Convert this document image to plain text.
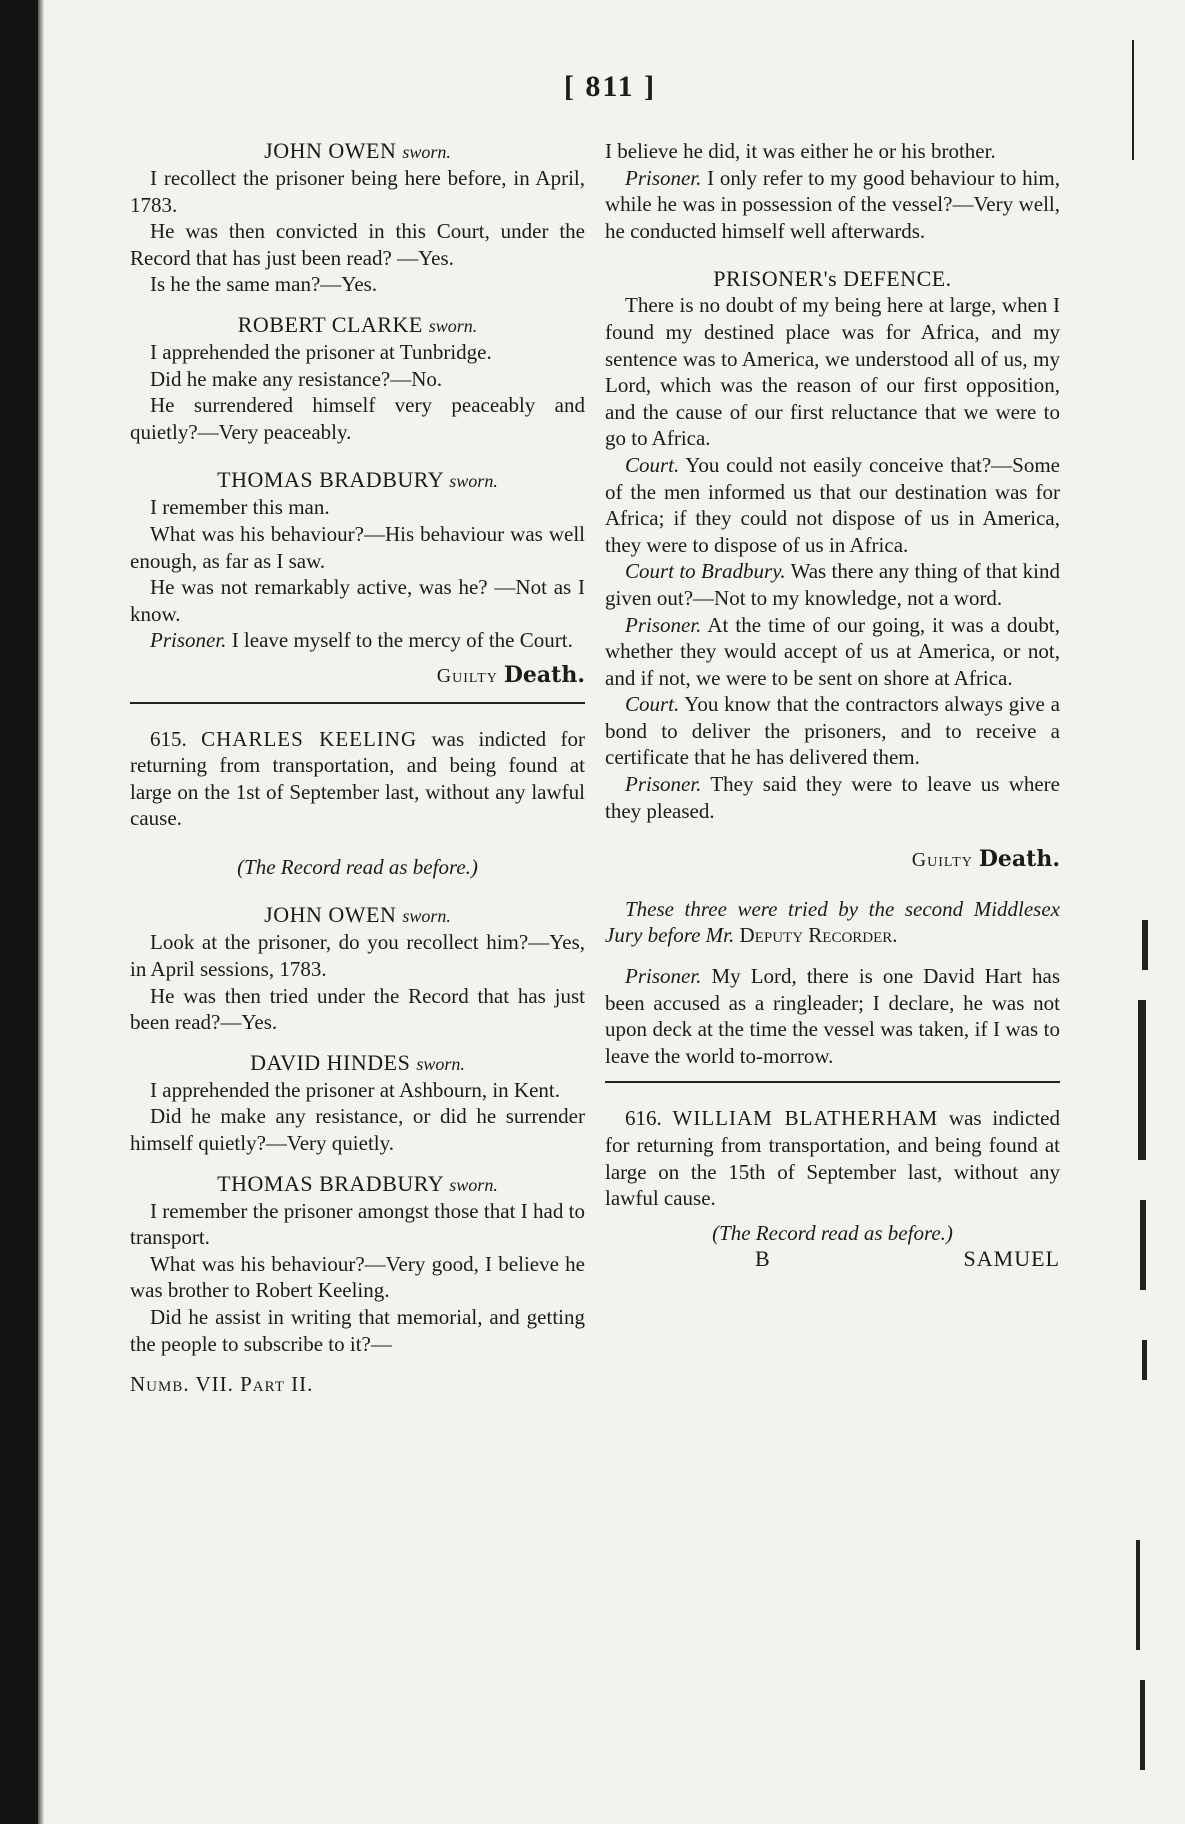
[ 811 ]
JOHN OWEN sworn.

I recollect the prisoner being here before, in April, 1783.

He was then convicted in this Court, under the Record that has just been read? —Yes.

Is he the same man?—Yes.

ROBERT CLARKE sworn.

I apprehended the prisoner at Tunbridge.

Did he make any resistance?—No.

He surrendered himself very peaceably and quietly?—Very peaceably.

THOMAS BRADBURY sworn.

I remember this man.

What was his behaviour?—His behaviour was well enough, as far as I saw.

He was not remarkably active, was he? —Not as I know.

Prisoner. I leave myself to the mercy of the Court.

Guilty Death.

615. CHARLES KEELING was indicted for returning from transportation, and being found at large on the 1st of September last, without any lawful cause.

(The Record read as before.)

JOHN OWEN sworn.

Look at the prisoner, do you recollect him?—Yes, in April sessions, 1783.

He was then tried under the Record that has just been read?—Yes.

DAVID HINDES sworn.

I apprehended the prisoner at Ashbourn, in Kent.

Did he make any resistance, or did he surrender himself quietly?—Very quietly.

THOMAS BRADBURY sworn.

I remember the prisoner amongst those that I had to transport.

What was his behaviour?—Very good, I believe he was brother to Robert Keeling.

Did he assist in writing that memorial, and getting the people to subscribe to it?—

Numb. VII. Part II.

I believe he did, it was either he or his brother.

Prisoner. I only refer to my good behaviour to him, while he was in possession of the vessel?—Very well, he conducted himself well afterwards.

PRISONER's DEFENCE.

There is no doubt of my being here at large, when I found my destined place was for Africa, and my sentence was to America, we understood all of us, my Lord, which was the reason of our first opposition, and the cause of our first reluctance that we were to go to Africa.

Court. You could not easily conceive that?—Some of the men informed us that our destination was for Africa; if they could not dispose of us in America, they were to dispose of us in Africa.

Court to Bradbury. Was there any thing of that kind given out?—Not to my knowledge, not a word.

Prisoner. At the time of our going, it was a doubt, whether they would accept of us at America, or not, and if not, we were to be sent on shore at Africa.

Court. You know that the contractors always give a bond to deliver the prisoners, and to receive a certificate that he has delivered them.

Prisoner. They said they were to leave us where they pleased.

Guilty Death.

These three were tried by the second Middlesex Jury before Mr. Deputy Recorder.

Prisoner. My Lord, there is one David Hart has been accused as a ringleader; I declare, he was not upon deck at the time the vessel was taken, if I was to leave the world to-morrow.

616. WILLIAM BLATHERHAM was indicted for returning from transportation, and being found at large on the 15th of September last, without any lawful cause.

(The Record read as before.)

B	SAMUEL
